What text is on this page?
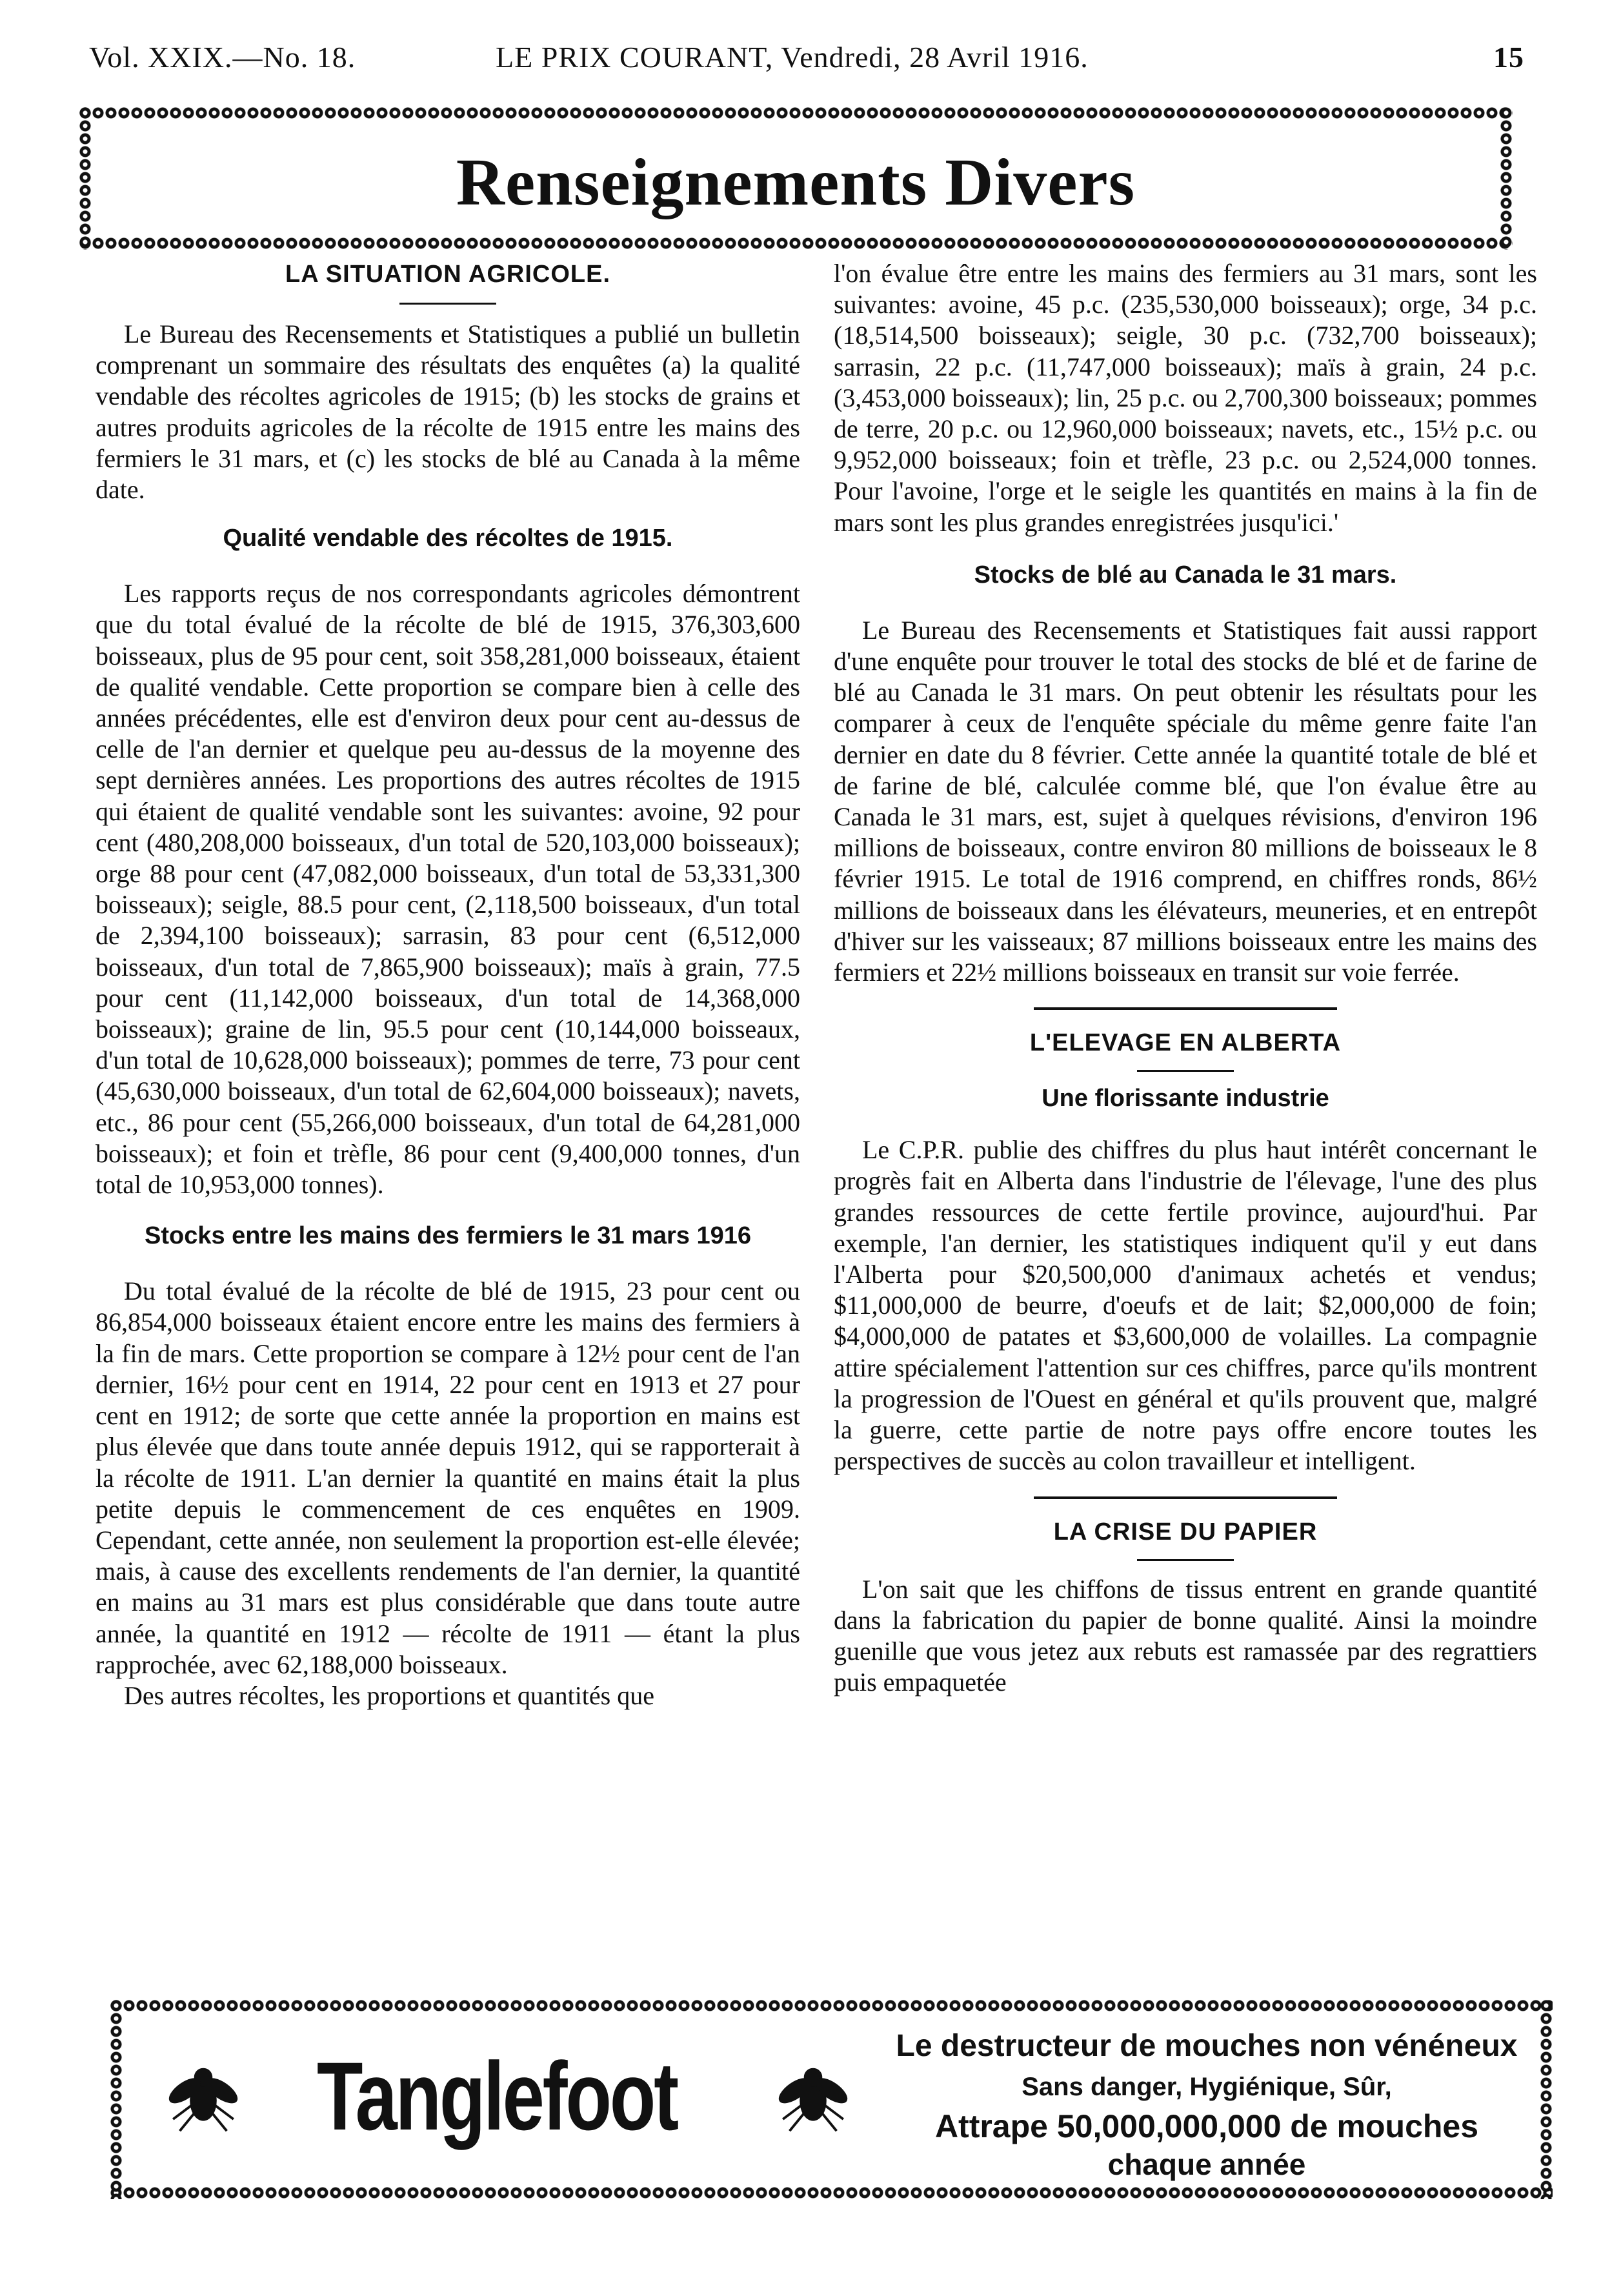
Vol. XXIX.—No. 18.	LE PRIX COURANT, Vendredi, 28 Avril 1916.	15
Renseignements Divers
LA SITUATION AGRICOLE.

Le Bureau des Recensements et Statistiques a publié un bulletin comprenant un sommaire des résultats des enquêtes (a) la qualité vendable des récoltes agricoles de 1915; (b) les stocks de grains et autres produits agricoles de la récolte de 1915 entre les mains des fermiers le 31 mars, et (c) les stocks de blé au Canada à la même date.

Qualité vendable des récoltes de 1915.

Les rapports reçus de nos correspondants agricoles démontrent que du total évalué de la récolte de blé de 1915, 376,303,600 boisseaux, plus de 95 pour cent, soit 358,281,000 boisseaux, étaient de qualité vendable. Cette proportion se compare bien à celle des années précédentes, elle est d'environ deux pour cent au-dessus de celle de l'an dernier et quelque peu au-dessus de la moyenne des sept dernières années. Les proportions des autres récoltes de 1915 qui étaient de qualité vendable sont les suivantes: avoine, 92 pour cent (480,208,000 boisseaux, d'un total de 520,103,000 boisseaux); orge 88 pour cent (47,082,000 boisseaux, d'un total de 53,331,300 boisseaux); seigle, 88.5 pour cent, (2,118,500 boisseaux, d'un total de 2,394,100 boisseaux); sarrasin, 83 pour cent (6,512,000 boisseaux, d'un total de 7,865,900 boisseaux); maïs à grain, 77.5 pour cent (11,142,000 boisseaux, d'un total de 14,368,000 boisseaux); graine de lin, 95.5 pour cent (10,144,000 boisseaux, d'un total de 10,628,000 boisseaux); pommes de terre, 73 pour cent (45,630,000 boisseaux, d'un total de 62,604,000 boisseaux); navets, etc., 86 pour cent (55,266,000 boisseaux, d'un total de 64,281,000 boisseaux); et foin et trèfle, 86 pour cent (9,400,000 tonnes, d'un total de 10,953,000 tonnes).

Stocks entre les mains des fermiers le 31 mars 1916

Du total évalué de la récolte de blé de 1915, 23 pour cent ou 86,854,000 boisseaux étaient encore entre les mains des fermiers à la fin de mars. Cette proportion se compare à 12½ pour cent de l'an dernier, 16½ pour cent en 1914, 22 pour cent en 1913 et 27 pour cent en 1912; de sorte que cette année la proportion en mains est plus élevée que dans toute année depuis 1912, qui se rapporterait à la récolte de 1911. L'an dernier la quantité en mains était la plus petite depuis le commencement de ces enquêtes en 1909. Cependant, cette année, non seulement la proportion est-elle élevée; mais, à cause des excellents rendements de l'an dernier, la quantité en mains au 31 mars est plus considérable que dans toute autre année, la quantité en 1912 — récolte de 1911 — étant la plus rapprochée, avec 62,188,000 boisseaux.

Des autres récoltes, les proportions et quantités que

l'on évalue être entre les mains des fermiers au 31 mars, sont les suivantes: avoine, 45 p.c. (235,530,000 boisseaux); orge, 34 p.c. (18,514,500 boisseaux); seigle, 30 p.c. (732,700 boisseaux); sarrasin, 22 p.c. (11,747,000 boisseaux); maïs à grain, 24 p.c. (3,453,000 boisseaux); lin, 25 p.c. ou 2,700,300 boisseaux; pommes de terre, 20 p.c. ou 12,960,000 boisseaux; navets, etc., 15½ p.c. ou 9,952,000 boisseaux; foin et trèfle, 23 p.c. ou 2,524,000 tonnes. Pour l'avoine, l'orge et le seigle les quantités en mains à la fin de mars sont les plus grandes enregistrées jusqu'ici.'

Stocks de blé au Canada le 31 mars.

Le Bureau des Recensements et Statistiques fait aussi rapport d'une enquête pour trouver le total des stocks de blé et de farine de blé au Canada le 31 mars. On peut obtenir les résultats pour les comparer à ceux de l'enquête spéciale du même genre faite l'an dernier en date du 8 février. Cette année la quantité totale de blé et de farine de blé, calculée comme blé, que l'on évalue être au Canada le 31 mars, est, sujet à quelques révisions, d'environ 196 millions de boisseaux, contre environ 80 millions de boisseaux le 8 février 1915. Le total de 1916 comprend, en chiffres ronds, 86½ millions de boisseaux dans les élévateurs, meuneries, et en entrepôt d'hiver sur les vaisseaux; 87 millions boisseaux entre les mains des fermiers et 22½ millions boisseaux en transit sur voie ferrée.

L'ELEVAGE EN ALBERTA
Une florissante industrie

Le C.P.R. publie des chiffres du plus haut intérêt concernant le progrès fait en Alberta dans l'industrie de l'élevage, l'une des plus grandes ressources de cette fertile province, aujourd'hui. Par exemple, l'an dernier, les statistiques indiquent qu'il y eut dans l'Alberta pour $20,500,000 d'animaux achetés et vendus; $11,000,000 de beurre, d'oeufs et de lait; $2,000,000 de foin; $4,000,000 de patates et $3,600,000 de volailles. La compagnie attire spécialement l'attention sur ces chiffres, parce qu'ils montrent la progression de l'Ouest en général et qu'ils prouvent que, malgré la guerre, cette partie de notre pays offre encore toutes les perspectives de succès au colon travailleur et intelligent.

LA CRISE DU PAPIER

L'on sait que les chiffons de tissus entrent en grande quantité dans la fabrication du papier de bonne qualité. Ainsi la moindre guenille que vous jetez aux rebuts est ramassée par des regrattiers puis empaquetée

Tanglefoot	Le destructeur de mouches non vénéneux
Sans danger, Hygiénique, Sûr,
Attrape 50,000,000,000 de mouches
chaque année
